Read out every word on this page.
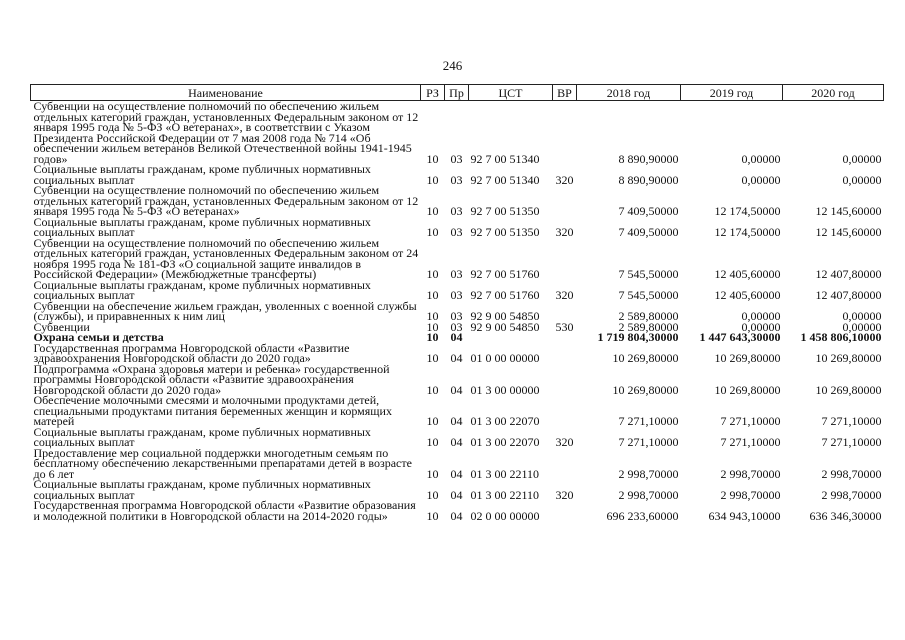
246
Наименование	РЗ	Пр	ЦСТ	ВР	2018 год	2019 год	2020 год
Субвенции на осуществление полномочий по обеспечению жильем отдельных категорий граждан, установленных Федеральным законом от 12 января 1995 года № 5-ФЗ «О ветеранах», в соответствии с Указом Президента Российской Федерации от 7 мая 2008 года № 714 «Об обеспечении жильем ветеранов Великой Отечественной войны 1941-1945 годов»	10	03	92 7 00 51340		8 890,90000	0,00000	0,00000
Социальные выплаты гражданам, кроме публичных нормативных социальных выплат	10	03	92 7 00 51340	320	8 890,90000	0,00000	0,00000
Субвенции на осуществление полномочий по обеспечению жильем отдельных категорий граждан, установленных Федеральным законом от 12 января 1995 года № 5-ФЗ «О ветеранах»	10	03	92 7 00 51350		7 409,50000	12 174,50000	12 145,60000
Социальные выплаты гражданам, кроме публичных нормативных социальных выплат	10	03	92 7 00 51350	320	7 409,50000	12 174,50000	12 145,60000
Субвенции на осуществление полномочий по обеспечению жильем отдельных категорий граждан, установленных Федеральным законом от 24 ноября 1995 года № 181-ФЗ «О социальной защите инвалидов в Российской Федерации» (Межбюджетные трансферты)	10	03	92 7 00 51760		7 545,50000	12 405,60000	12 407,80000
Социальные выплаты гражданам, кроме публичных нормативных социальных выплат	10	03	92 7 00 51760	320	7 545,50000	12 405,60000	12 407,80000
Субвенции на обеспечение жильем граждан, уволенных с военной службы (службы), и приравненных к ним лиц	10	03	92 9 00 54850		2 589,80000	0,00000	0,00000
Субвенции	10	03	92 9 00 54850	530	2 589,80000	0,00000	0,00000
Охрана семьи и детства	10	04			1 719 804,30000	1 447 643,30000	1 458 806,10000
Государственная программа Новгородской области «Развитие здравоохранения Новгородской области до 2020 года»	10	04	01 0 00 00000		10 269,80000	10 269,80000	10 269,80000
Подпрограмма «Охрана здоровья матери и ребенка» государственной программы Новгородской области «Развитие здравоохранения Новгородской области до 2020 года»	10	04	01 3 00 00000		10 269,80000	10 269,80000	10 269,80000
Обеспечение молочными смесями и молочными продуктами детей, специальными продуктами питания беременных женщин и кормящих матерей	10	04	01 3 00 22070		7 271,10000	7 271,10000	7 271,10000
Социальные выплаты гражданам, кроме публичных нормативных социальных выплат	10	04	01 3 00 22070	320	7 271,10000	7 271,10000	7 271,10000
Предоставление мер социальной поддержки многодетным семьям по бесплатному обеспечению лекарственными препаратами детей в возрасте до 6 лет	10	04	01 3 00 22110		2 998,70000	2 998,70000	2 998,70000
Социальные выплаты гражданам, кроме публичных нормативных социальных выплат	10	04	01 3 00 22110	320	2 998,70000	2 998,70000	2 998,70000
Государственная программа Новгородской области «Развитие образования и молодежной политики в Новгородской области на 2014-2020 годы»	10	04	02 0 00 00000		696 233,60000	634 943,10000	636 346,30000
